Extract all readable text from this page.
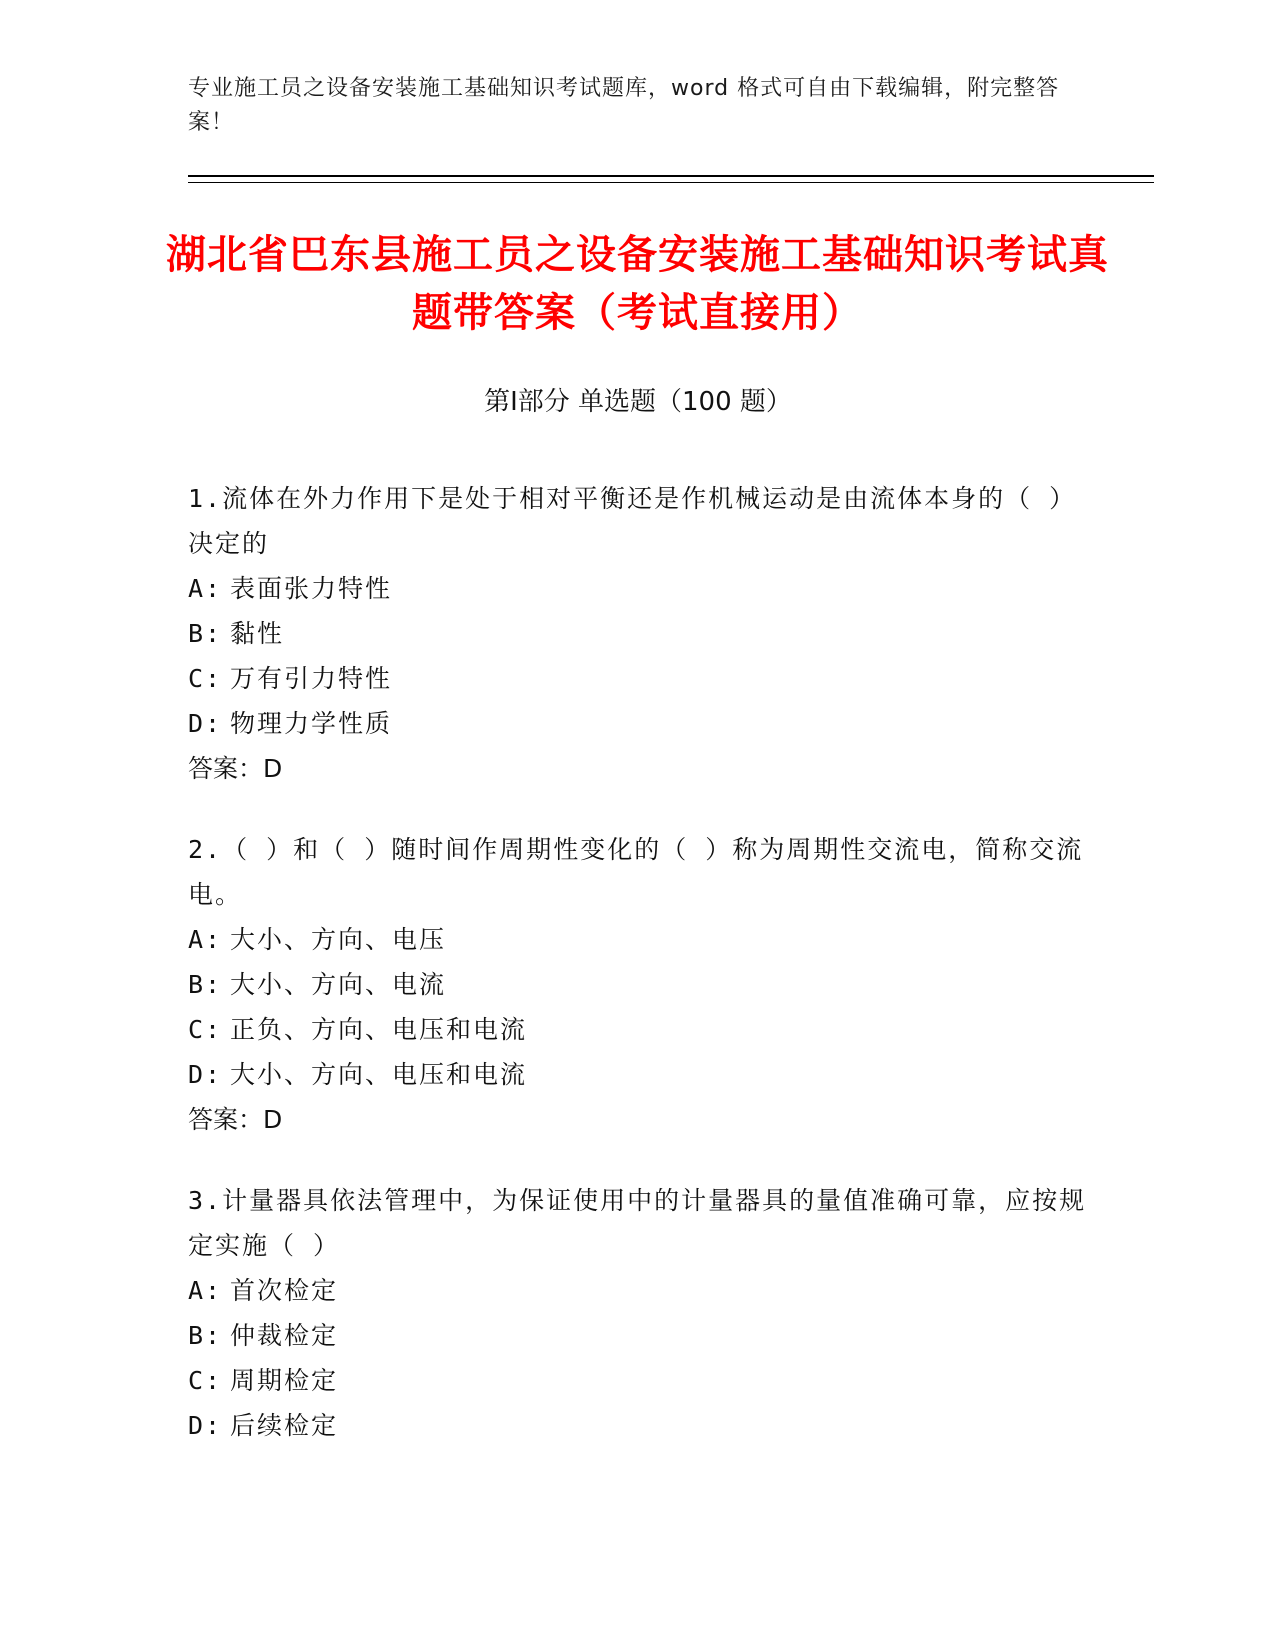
专业施工员之设备安装施工基础知识考试题库，word 格式可自由下载编辑，附完整答案！
湖北省巴东县施工员之设备安装施工基础知识考试真题带答案（考试直接用）
第Ⅰ部分 单选题（100 题）
1.流体在外力作用下是处于相对平衡还是作机械运动是由流体本身的（ ）决定的
A: 表面张力特性
B: 黏性
C: 万有引力特性
D: 物理力学性质
答案：D
2.（ ）和（ ）随时间作周期性变化的（ ）称为周期性交流电，简称交流电。
A: 大小、方向、电压
B: 大小、方向、电流
C: 正负、方向、电压和电流
D: 大小、方向、电压和电流
答案：D
3.计量器具依法管理中，为保证使用中的计量器具的量值准确可靠，应按规定实施（ ）
A: 首次检定
B: 仲裁检定
C: 周期检定
D: 后续检定
